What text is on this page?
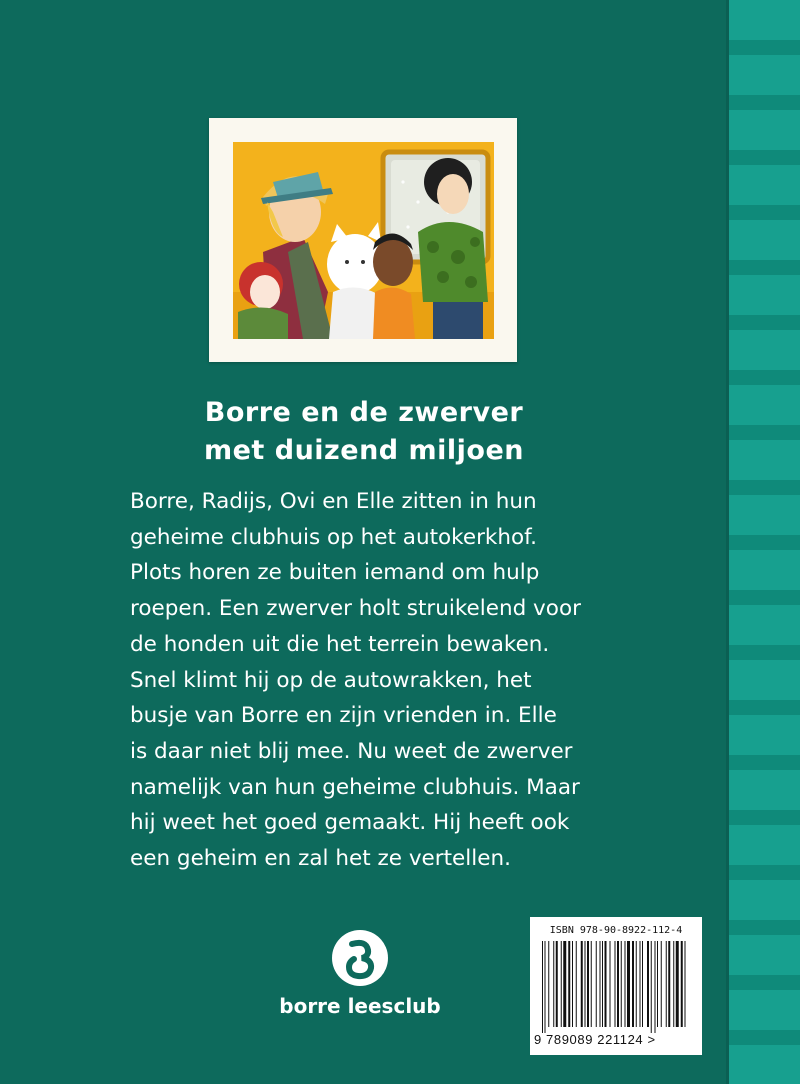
Borre en de zwerver
met duizend miljoen
Borre, Radijs, Ovi en Elle zitten in hun
geheime clubhuis op het autokerkhof.
Plots horen ze buiten iemand om hulp
roepen. Een zwerver holt struikelend voor
de honden uit die het terrein bewaken.
Snel klimt hij op de autowrakken, het
busje van Borre en zijn vrienden in. Elle
is daar niet blij mee. Nu weet de zwerver
namelijk van hun geheime clubhuis. Maar
hij weet het goed gemaakt. Hij heeft ook
een geheim en zal het ze vertellen.
borre leesclub
ISBN 978-90-8922-112-4
9 789089 221124 >
